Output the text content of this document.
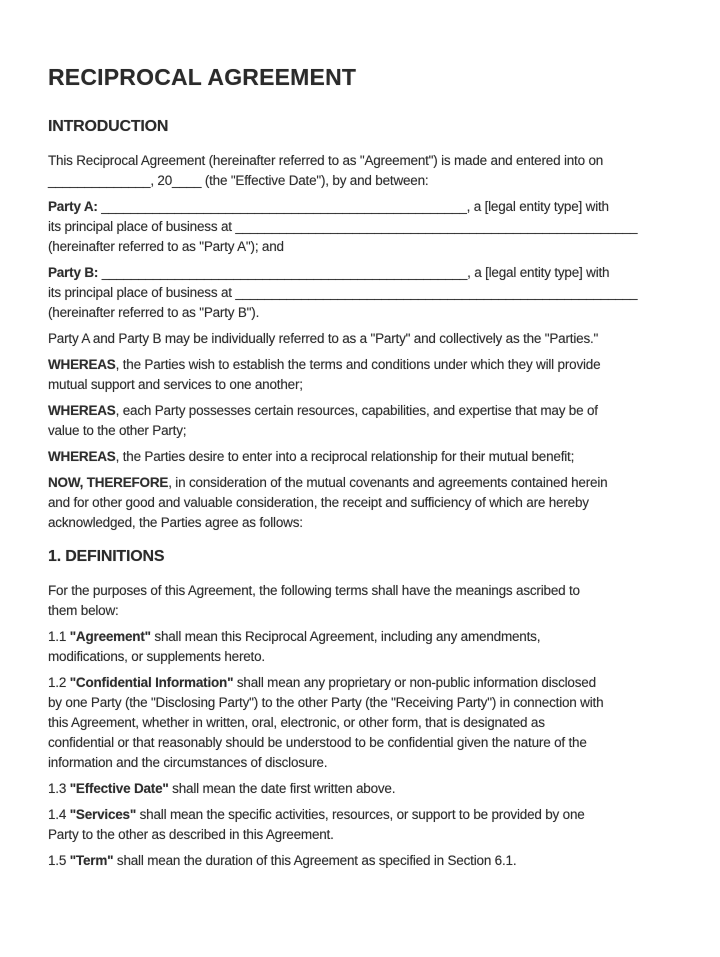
RECIPROCAL AGREEMENT
INTRODUCTION

This Reciprocal Agreement (hereinafter referred to as "Agreement") is made and entered into on
______________, 20____ (the "Effective Date"), by and between:

Party A: __________________________________________________, a [legal entity type] with
its principal place of business at _______________________________________________________
(hereinafter referred to as "Party A"); and

Party B: __________________________________________________, a [legal entity type] with
its principal place of business at _______________________________________________________
(hereinafter referred to as "Party B").

Party A and Party B may be individually referred to as a "Party" and collectively as the "Parties."

WHEREAS, the Parties wish to establish the terms and conditions under which they will provide
mutual support and services to one another;

WHEREAS, each Party possesses certain resources, capabilities, and expertise that may be of
value to the other Party;

WHEREAS, the Parties desire to enter into a reciprocal relationship for their mutual benefit;

NOW, THEREFORE, in consideration of the mutual covenants and agreements contained herein
and for other good and valuable consideration, the receipt and sufficiency of which are hereby
acknowledged, the Parties agree as follows:

1. DEFINITIONS

For the purposes of this Agreement, the following terms shall have the meanings ascribed to
them below:

1.1 "Agreement" shall mean this Reciprocal Agreement, including any amendments,
modifications, or supplements hereto.

1.2 "Confidential Information" shall mean any proprietary or non-public information disclosed
by one Party (the "Disclosing Party") to the other Party (the "Receiving Party") in connection with
this Agreement, whether in written, oral, electronic, or other form, that is designated as
confidential or that reasonably should be understood to be confidential given the nature of the
information and the circumstances of disclosure.

1.3 "Effective Date" shall mean the date first written above.

1.4 "Services" shall mean the specific activities, resources, or support to be provided by one
Party to the other as described in this Agreement.

1.5 "Term" shall mean the duration of this Agreement as specified in Section 6.1.
